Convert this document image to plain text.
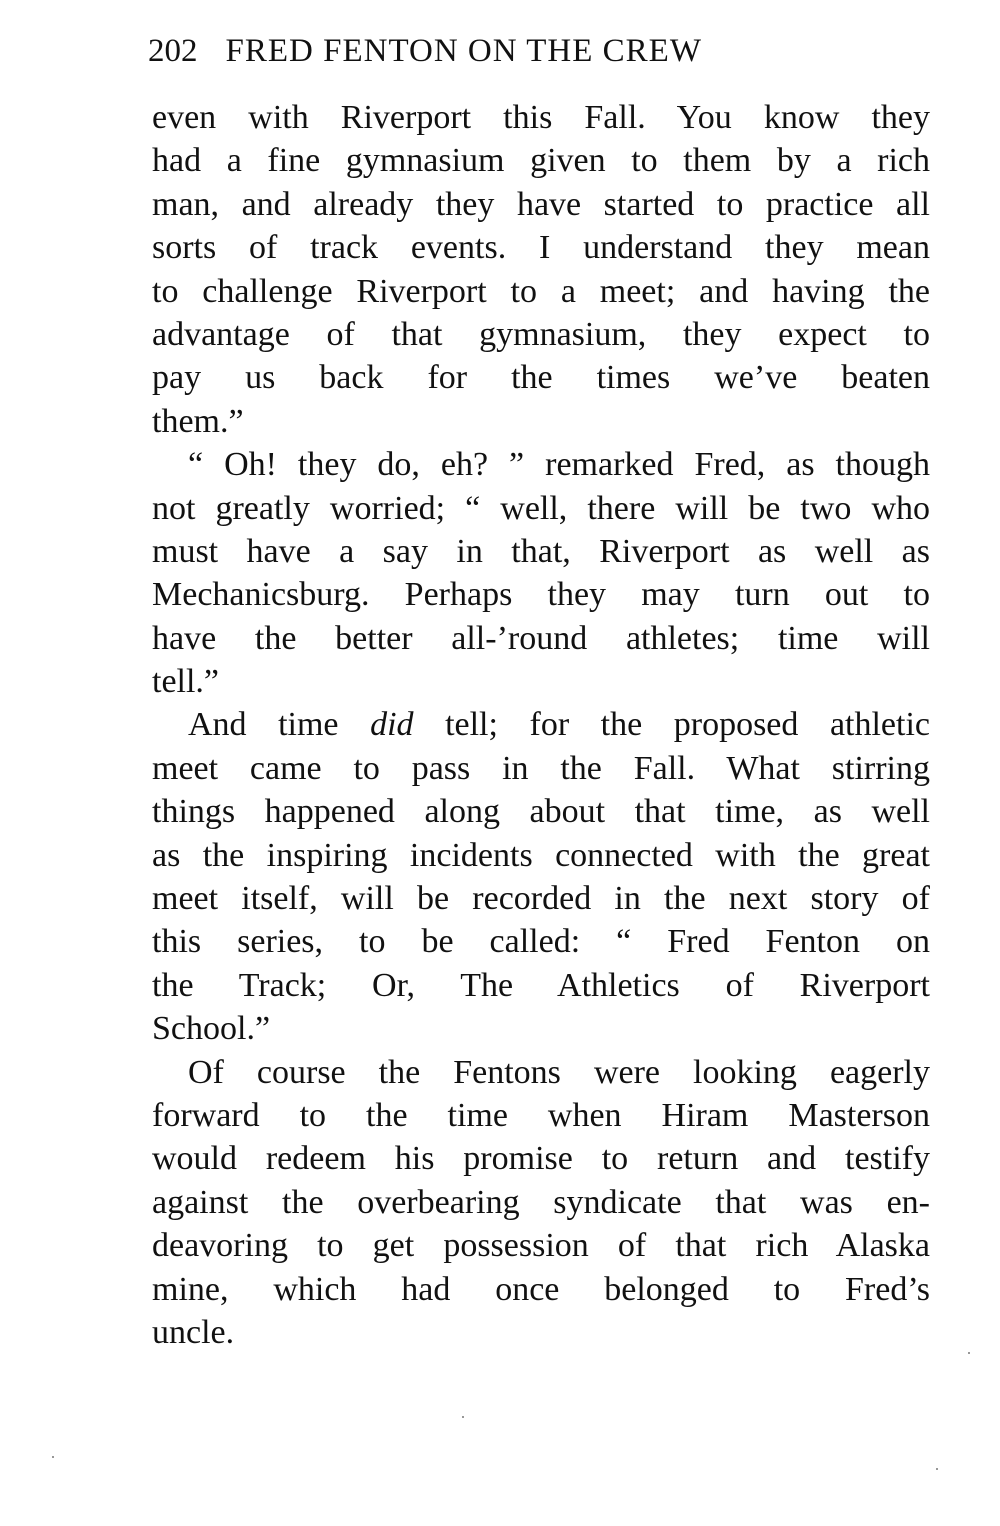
202 FRED FENTON ON THE CREW
even with Riverport this Fall. You know they
had a fine gymnasium given to them by a rich
man, and already they have started to practice all
sorts of track events. I understand they mean
to challenge Riverport to a meet; and having the
advantage of that gymnasium, they expect to
pay us back for the times we’ve beaten
them.”
“ Oh! they do, eh? ” remarked Fred, as though
not greatly worried; “ well, there will be two who
must have a say in that, Riverport as well as
Mechanicsburg. Perhaps they may turn out to
have the better all-’round athletes; time will
tell.”
And time did tell; for the proposed athletic
meet came to pass in the Fall. What stirring
things happened along about that time, as well
as the inspiring incidents connected with the great
meet itself, will be recorded in the next story of
this series, to be called: “ Fred Fenton on
the Track; Or, The Athletics of Riverport
School.”
Of course the Fentons were looking eagerly
forward to the time when Hiram Masterson
would redeem his promise to return and testify
against the overbearing syndicate that was en-
deavoring to get possession of that rich Alaska
mine, which had once belonged to Fred’s
uncle.
